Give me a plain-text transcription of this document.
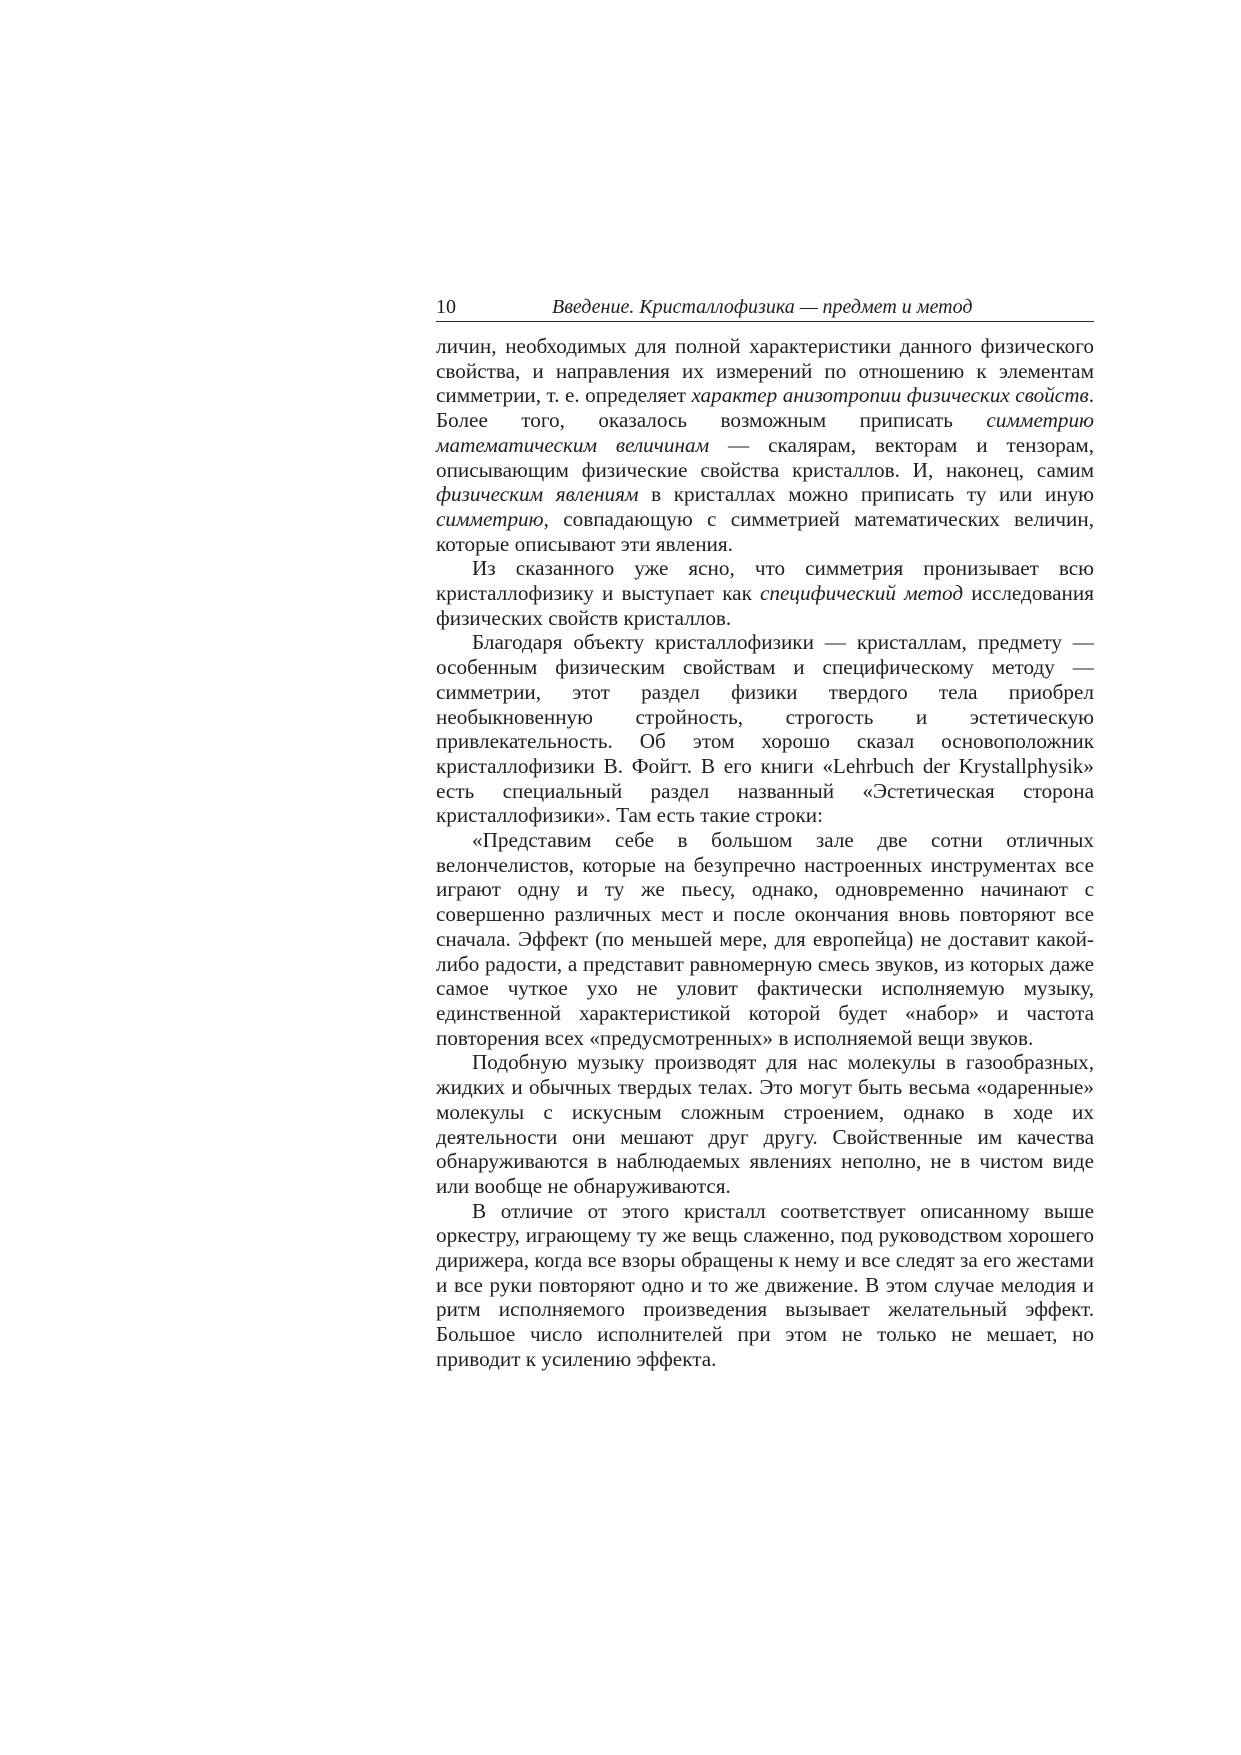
10	Введение. Кристаллофизика — предмет и метод

личин, необходимых для полной характеристики данного физического свойства, и направления их измерений по отношению к элементам симметрии, т. е. определяет характер анизотропии физических свойств. Более того, оказалось возможным приписать симметрию математическим величинам — скалярам, векторам и тензорам, описывающим физические свойства кристаллов. И, наконец, самим физическим явлениям в кристаллах можно приписать ту или иную симметрию, совпадающую с симметрией математических величин, которые описывают эти явления.

Из сказанного уже ясно, что симметрия пронизывает всю кристаллофизику и выступает как специфический метод исследования физических свойств кристаллов.

Благодаря объекту кристаллофизики — кристаллам, предмету — особенным физическим свойствам и специфическому методу — симметрии, этот раздел физики твердого тела приобрел необыкновенную стройность, строгость и эстетическую привлекательность. Об этом хорошо сказал основоположник кристаллофизики В. Фойгт. В его книги «Lehrbuch der Krystallphysik» есть специальный раздел названный «Эстетическая сторона кристаллофизики». Там есть такие строки:

«Представим себе в большом зале две сотни отличных велончелистов, которые на безупречно настроенных инструментах все играют одну и ту же пьесу, однако, одновременно начинают с совершенно различных мест и после окончания вновь повторяют все сначала. Эффект (по меньшей мере, для европейца) не доставит какой-либо радости, а представит равномерную смесь звуков, из которых даже самое чуткое ухо не уловит фактически исполняемую музыку, единственной характеристикой которой будет «набор» и частота повторения всех «предусмотренных» в исполняемой вещи звуков.

Подобную музыку производят для нас молекулы в газообразных, жидких и обычных твердых телах. Это могут быть весьма «одаренные» молекулы с искусным сложным строением, однако в ходе их деятельности они мешают друг другу. Свойственные им качества обнаруживаются в наблюдаемых явлениях неполно, не в чистом виде или вообще не обнаруживаются.

В отличие от этого кристалл соответствует описанному выше оркестру, играющему ту же вещь слаженно, под руководством хорошего дирижера, когда все взоры обращены к нему и все следят за его жестами и все руки повторяют одно и то же движение. В этом случае мелодия и ритм исполняемого произведения вызывает желательный эффект. Большое число исполнителей при этом не только не мешает, но приводит к усилению эффекта.
